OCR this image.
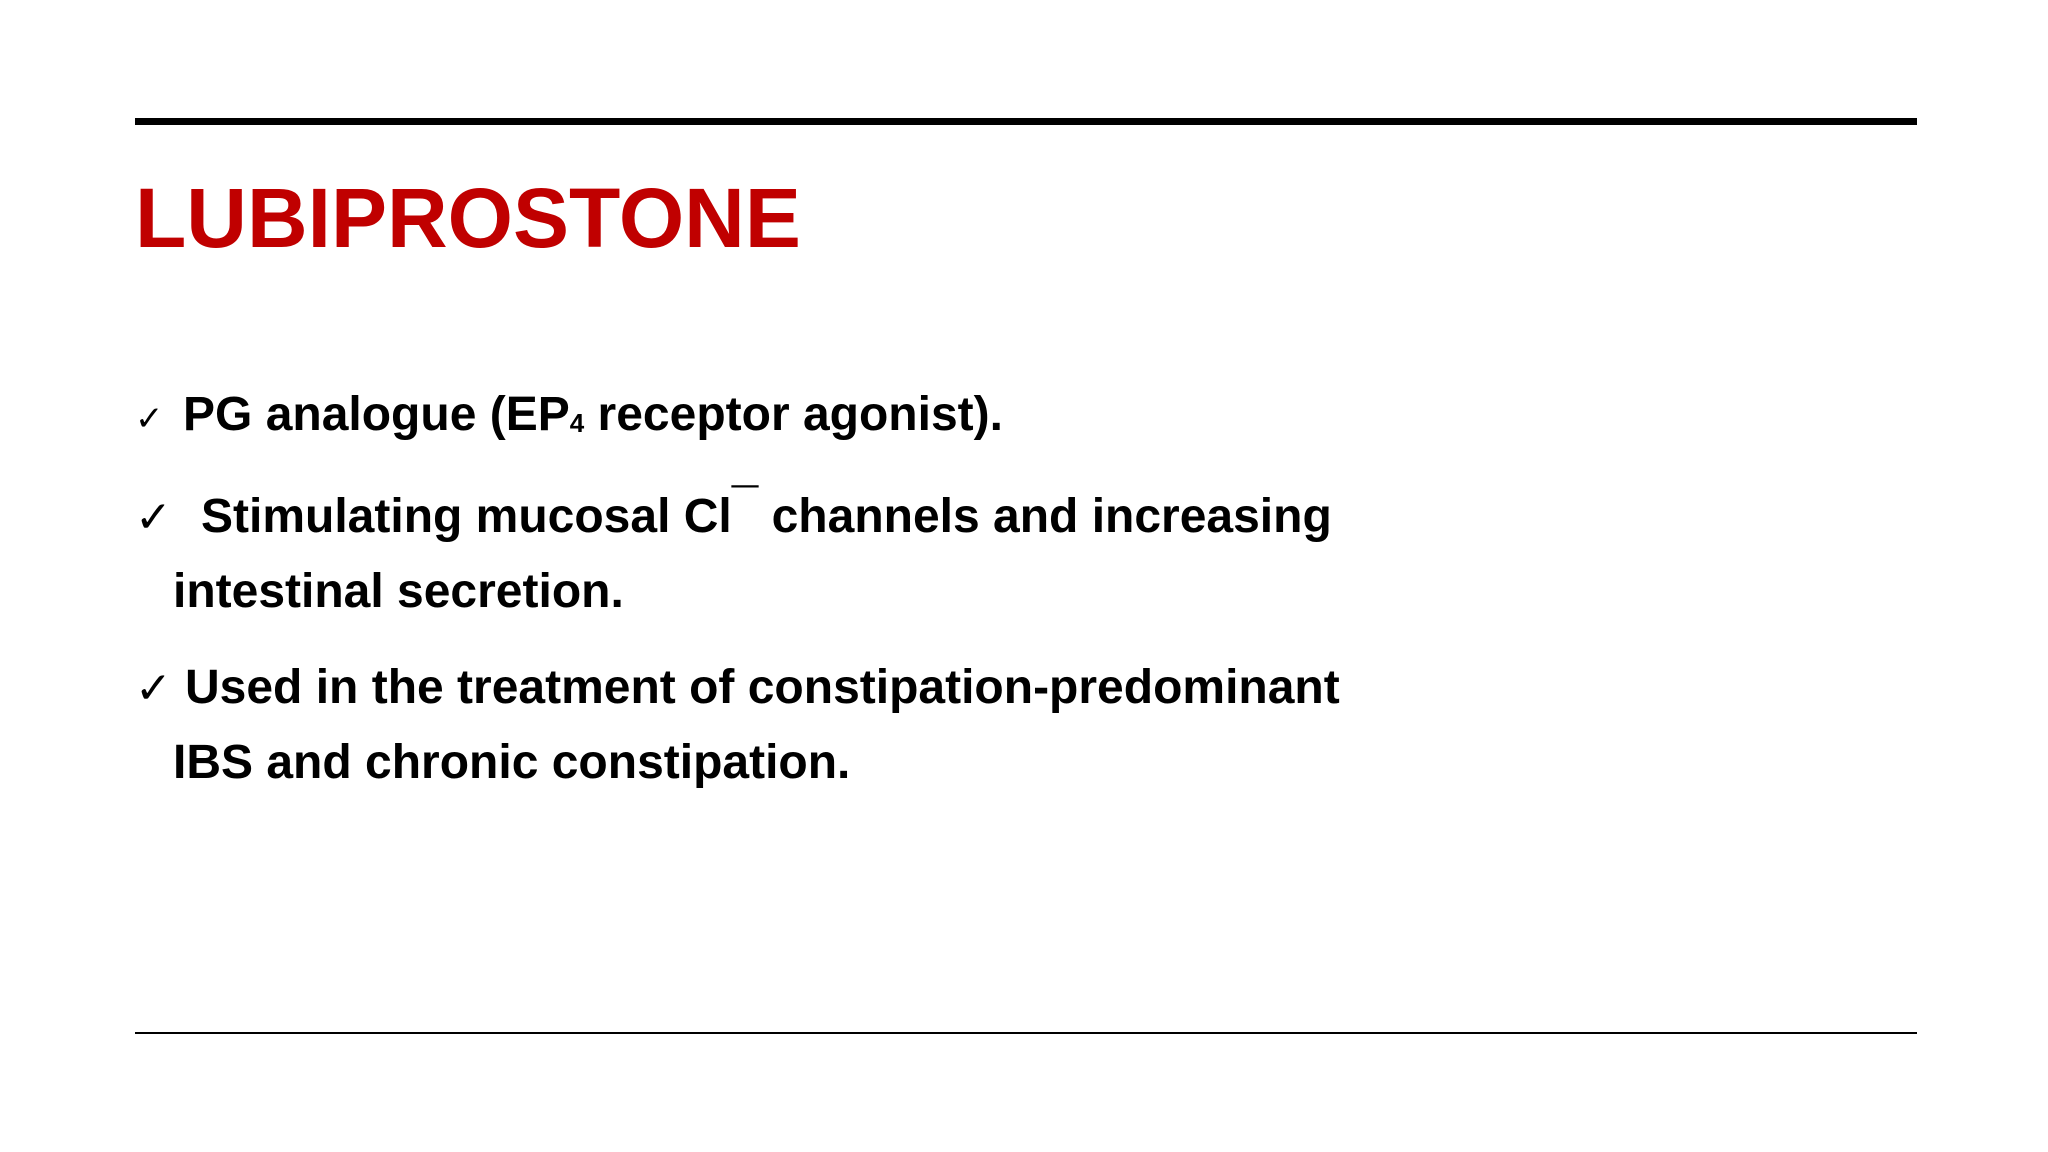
LUBIPROSTONE
✓ PG analogue (EP4 receptor agonist).
✓ Stimulating mucosal Cl¯ channels and increasing
intestinal secretion.
✓ Used in the treatment of constipation-predominant
IBS and chronic constipation.
